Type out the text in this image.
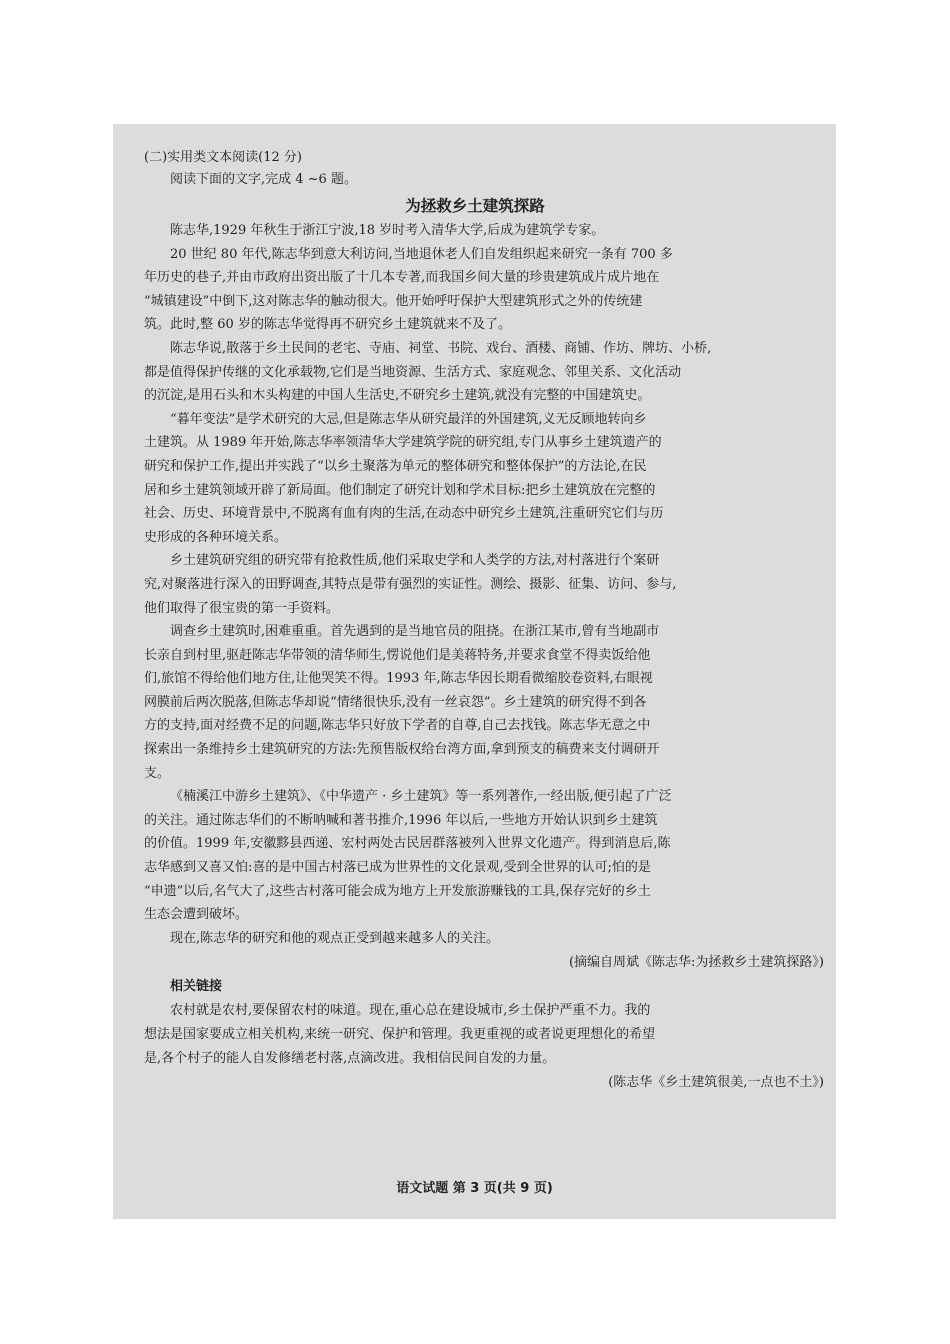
(二)实用类文本阅读(12 分)

阅读下面的文字,完成 4 ~6 题。

为拯救乡土建筑探路

陈志华,1929 年秋生于浙江宁波,18 岁时考入清华大学,后成为建筑学专家。

20 世纪 80 年代,陈志华到意大利访问,当地退休老人们自发组织起来研究一条有 700 多

年历史的巷子,并由市政府出资出版了十几本专著,而我国乡间大量的珍贵建筑成片成片地在

“城镇建设”中倒下,这对陈志华的触动很大。他开始呼吁保护大型建筑形式之外的传统建

筑。此时,整 60 岁的陈志华觉得再不研究乡土建筑就来不及了。

陈志华说,散落于乡土民间的老宅、寺庙、祠堂、书院、戏台、酒楼、商铺、作坊、牌坊、小桥,

都是值得保护传继的文化承载物,它们是当地资源、生活方式、家庭观念、邻里关系、文化活动

的沉淀,是用石头和木头构建的中国人生活史,不研究乡土建筑,就没有完整的中国建筑史。

“暮年变法”是学术研究的大忌,但是陈志华从研究最洋的外国建筑,义无反顾地转向乡

土建筑。从 1989 年开始,陈志华率领清华大学建筑学院的研究组,专门从事乡土建筑遗产的

研究和保护工作,提出并实践了“以乡土聚落为单元的整体研究和整体保护”的方法论,在民

居和乡土建筑领域开辟了新局面。他们制定了研究计划和学术目标:把乡土建筑放在完整的

社会、历史、环境背景中,不脱离有血有肉的生活,在动态中研究乡土建筑,注重研究它们与历

史形成的各种环境关系。

乡土建筑研究组的研究带有抢救性质,他们采取史学和人类学的方法,对村落进行个案研

究,对聚落进行深入的田野调查,其特点是带有强烈的实证性。测绘、摄影、征集、访问、参与,

他们取得了很宝贵的第一手资料。

调查乡土建筑时,困难重重。首先遇到的是当地官员的阻挠。在浙江某市,曾有当地副市

长亲自到村里,驱赶陈志华带领的清华师生,愣说他们是美蒋特务,并要求食堂不得卖饭给他

们,旅馆不得给他们地方住,让他哭笑不得。1993 年,陈志华因长期看微缩胶卷资料,右眼视

网膜前后两次脱落,但陈志华却说“情绪很快乐,没有一丝哀怨”。乡土建筑的研究得不到各

方的支持,面对经费不足的问题,陈志华只好放下学者的自尊,自己去找钱。陈志华无意之中

探索出一条维持乡土建筑研究的方法:先预售版权给台湾方面,拿到预支的稿费来支付调研开

支。

《楠溪江中游乡土建筑》、《中华遗产 · 乡土建筑》等一系列著作,一经出版,便引起了广泛

的关注。通过陈志华们的不断呐喊和著书推介,1996 年以后,一些地方开始认识到乡土建筑

的价值。1999 年,安徽黟县西递、宏村两处古民居群落被列入世界文化遗产。得到消息后,陈

志华感到又喜又怕:喜的是中国古村落已成为世界性的文化景观,受到全世界的认可;怕的是

“申遗”以后,名气大了,这些古村落可能会成为地方上开发旅游赚钱的工具,保存完好的乡土

生态会遭到破坏。

现在,陈志华的研究和他的观点正受到越来越多人的关注。

(摘编自周斌《陈志华:为拯救乡土建筑探路》)

相关链接

农村就是农村,要保留农村的味道。现在,重心总在建设城市,乡土保护严重不力。我的

想法是国家要成立相关机构,来统一研究、保护和管理。我更重视的或者说更理想化的希望

是,各个村子的能人自发修缮老村落,点滴改进。我相信民间自发的力量。

(陈志华《乡土建筑很美,一点也不土》)

语文试题 第 3 页(共 9 页)
